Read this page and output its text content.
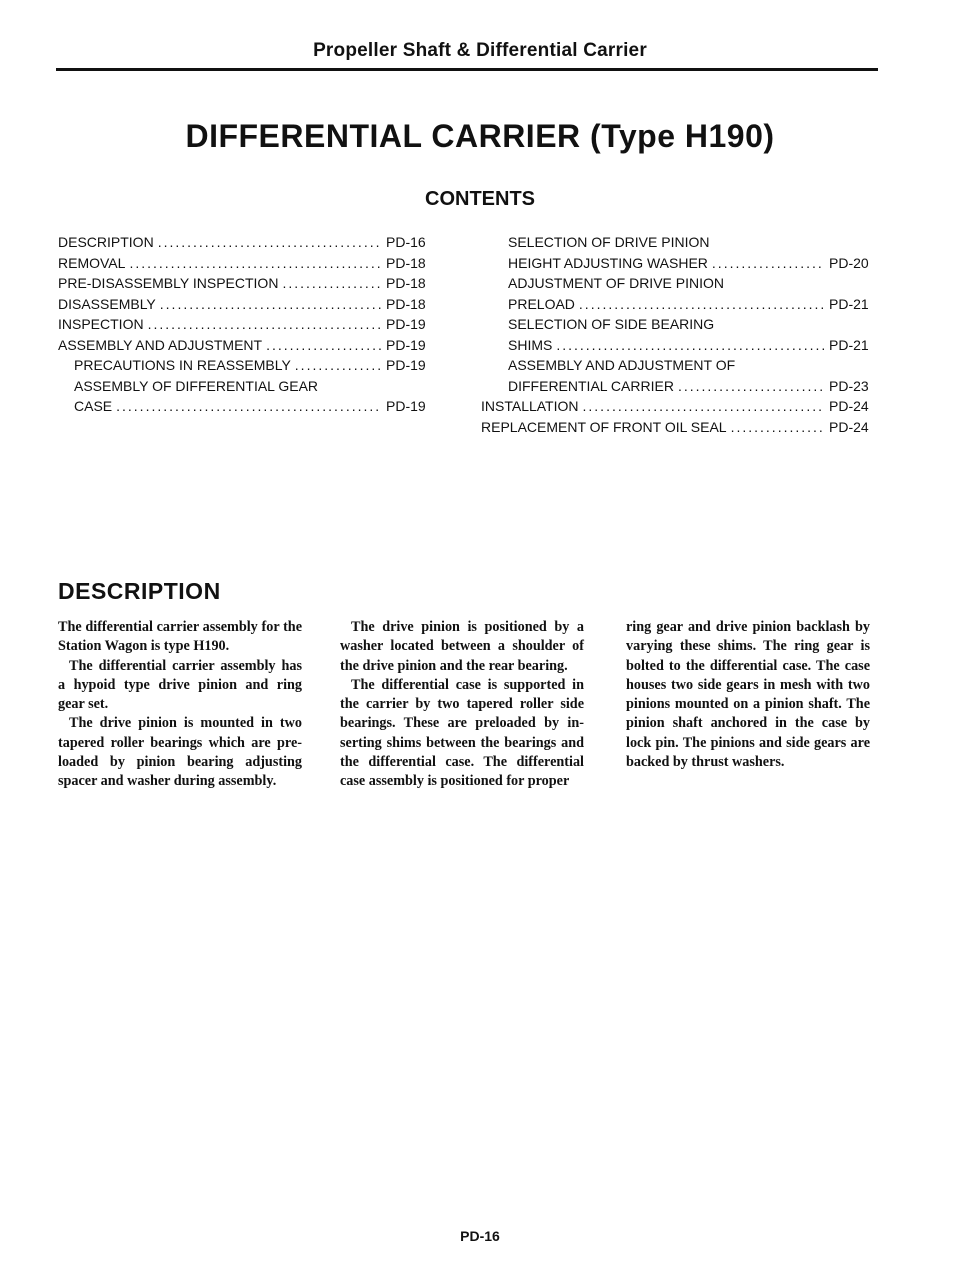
Propeller Shaft & Differential Carrier
DIFFERENTIAL CARRIER (Type H190)
CONTENTS
DESCRIPTION .....	PD-16
REMOVAL .....	PD-18
PRE-DISASSEMBLY INSPECTION .....	PD-18
DISASSEMBLY .....	PD-18
INSPECTION .....	PD-19
ASSEMBLY AND ADJUSTMENT .....	PD-19
PRECAUTIONS IN REASSEMBLY .....	PD-19
ASSEMBLY OF DIFFERENTIAL GEAR
CASE .....	PD-19
SELECTION OF DRIVE PINION
HEIGHT ADJUSTING WASHER .....	PD-20
ADJUSTMENT OF DRIVE PINION
PRELOAD .....	PD-21
SELECTION OF SIDE BEARING
SHIMS .....	PD-21
ASSEMBLY AND ADJUSTMENT OF
DIFFERENTIAL CARRIER .....	PD-23
INSTALLATION .....	PD-24
REPLACEMENT OF FRONT OIL SEAL .....	PD-24
DESCRIPTION

The differential carrier assembly for the Station Wagon is type H190.

The differential carrier assembly has a hypoid type drive pinion and ring gear set.

The drive pinion is mounted in two tapered roller bearings which are pre-loaded by pinion bearing adjusting spacer and washer during assembly.

The drive pinion is positioned by a washer located between a shoulder of the drive pinion and the rear bearing.

The differential case is supported in the carrier by two tapered roller side bearings. These are preloaded by in-serting shims between the bearings and the differential case. The differential case assembly is positioned for proper

ring gear and drive pinion backlash by varying these shims. The ring gear is bolted to the differential case. The case houses two side gears in mesh with two pinions mounted on a pinion shaft. The pinion shaft anchored in the case by lock pin. The pinions and side gears are backed by thrust washers.

PD-16
